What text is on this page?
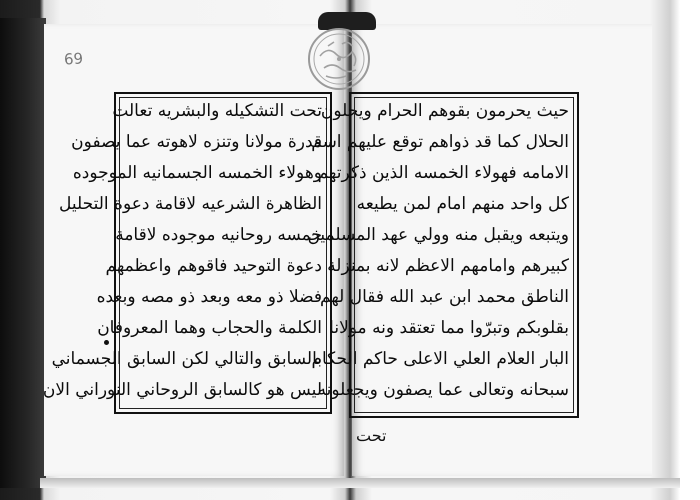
69
تحت التشكيله والبشريه تعالت
قدرة مولانا وتنزه لاهوته عما يصفون
وهولاء الخمسه الجسمانيه الموجوده
الظاهرة الشرعيه لاقامة دعوة التحليل
خمسه روحانيه موجوده لاقامة
دعوة التوحيد فاقوهم واعظمهم
فضلا ذو معه وبعد ذو مصه وبعده
الكلمة والحجاب وهما المعروفان
بالسابق والتالي لكن السابق الجسماني
ليس هو كالسابق الروحاني النوراني الان
حيث يحرمون بقوهم الحرام ويحلون
الحلال كما قد ذواهم توقع عليهم اسم
الامامه فهولاء الخمسه الذين ذكرتهم
كل واحد منهم امام لمن يطيعه
ويتبعه ويقبل منه وولي عهد المسلمين
كبيرهم وامامهم الاعظم لانه بمنزلة
الناطق محمد ابن عبد الله فقال لهم
بقلوبكم وتبرّوا مما تعتقد ونه مولانا
البار العلام العلي الاعلى حاكم الحكام
سبحانه وتعالى عما يصفون ويجعلونه
تحت
